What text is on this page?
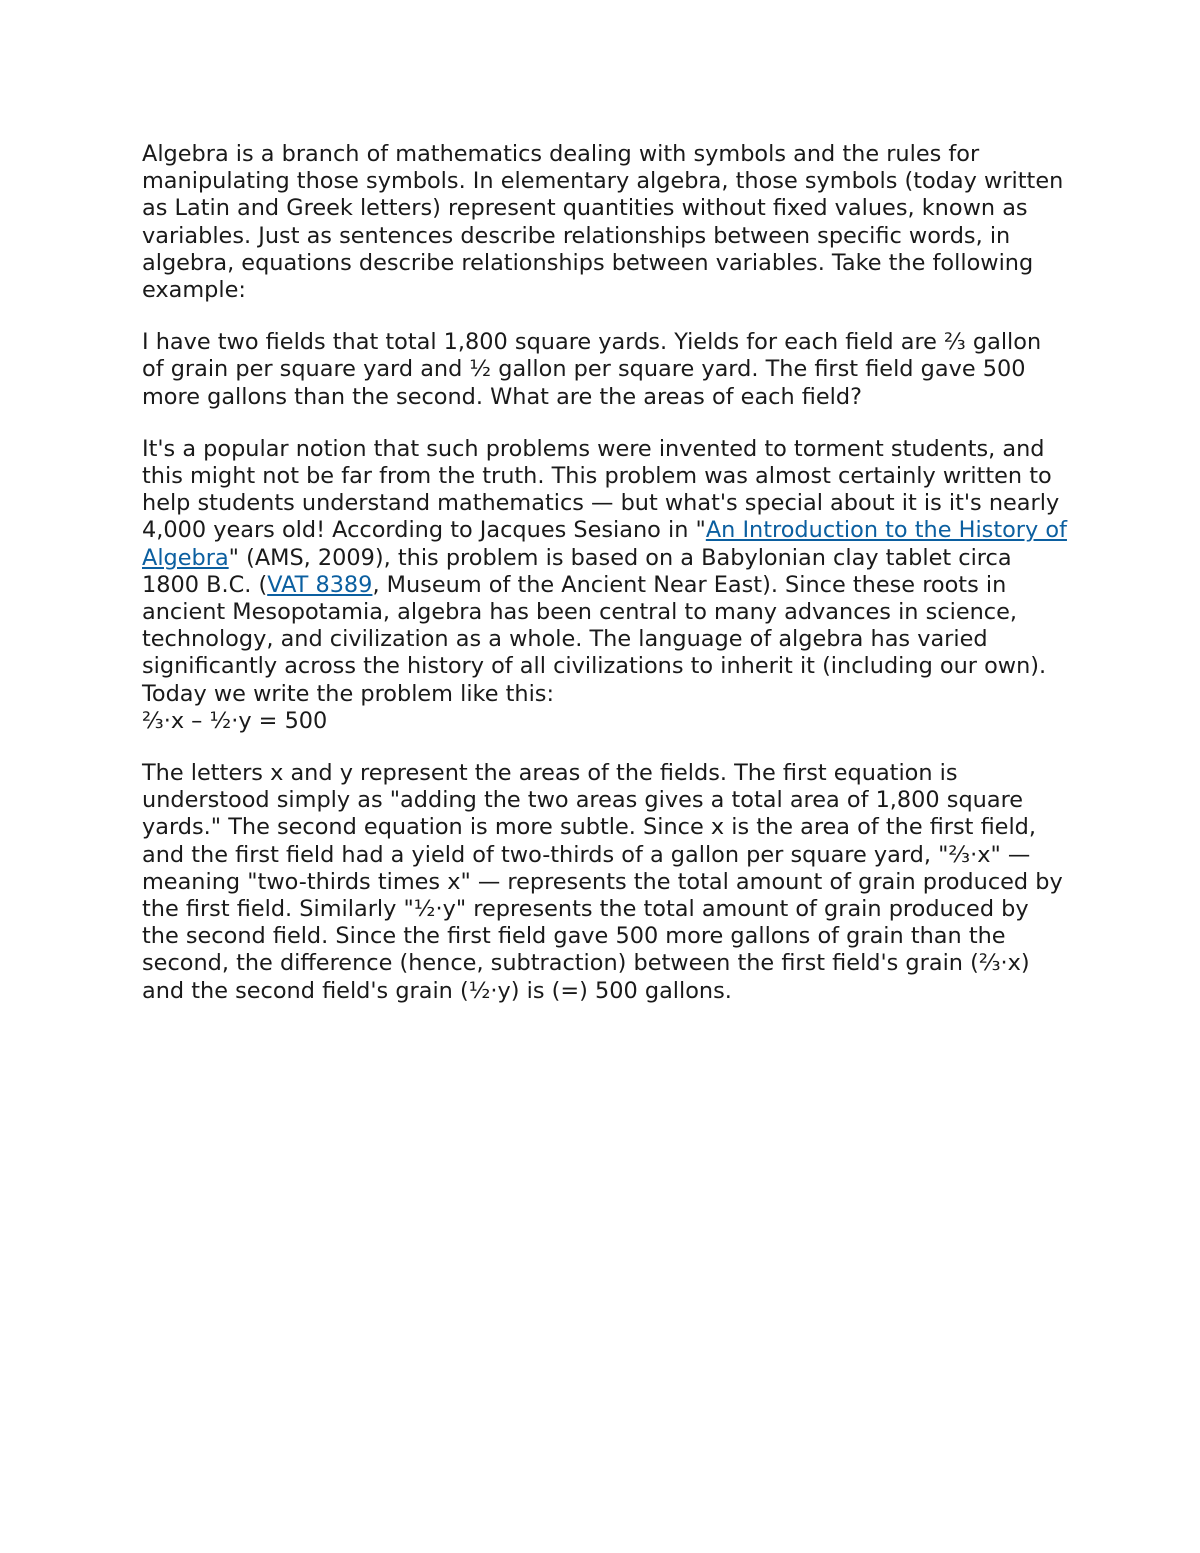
Algebra is a branch of mathematics dealing with symbols and the rules for manipulating those symbols. In elementary algebra, those symbols (today written as Latin and Greek letters) represent quantities without fixed values, known as variables. Just as sentences describe relationships between specific words, in algebra, equations describe relationships between variables. Take the following example:

I have two fields that total 1,800 square yards. Yields for each field are ⅔ gallon of grain per square yard and ½ gallon per square yard. The first field gave 500 more gallons than the second. What are the areas of each field?

It's a popular notion that such problems were invented to torment students, and this might not be far from the truth. This problem was almost certainly written to help students understand mathematics — but what's special about it is it's nearly 4,000 years old! According to Jacques Sesiano in "An Introduction to the History of Algebra" (AMS, 2009), this problem is based on a Babylonian clay tablet circa 1800 B.C. (VAT 8389, Museum of the Ancient Near East). Since these roots in ancient Mesopotamia, algebra has been central to many advances in science, technology, and civilization as a whole. The language of algebra has varied significantly across the history of all civilizations to inherit it (including our own). Today we write the problem like this:

⅔·x – ½·y = 500

The letters x and y represent the areas of the fields. The first equation is understood simply as "adding the two areas gives a total area of 1,800 square yards." The second equation is more subtle. Since x is the area of the first field, and the first field had a yield of two-thirds of a gallon per square yard, "⅔·x" — meaning "two-thirds times x" — represents the total amount of grain produced by the first field. Similarly "½·y" represents the total amount of grain produced by the second field. Since the first field gave 500 more gallons of grain than the second, the difference (hence, subtraction) between the first field's grain (⅔·x) and the second field's grain (½·y) is (=) 500 gallons.
